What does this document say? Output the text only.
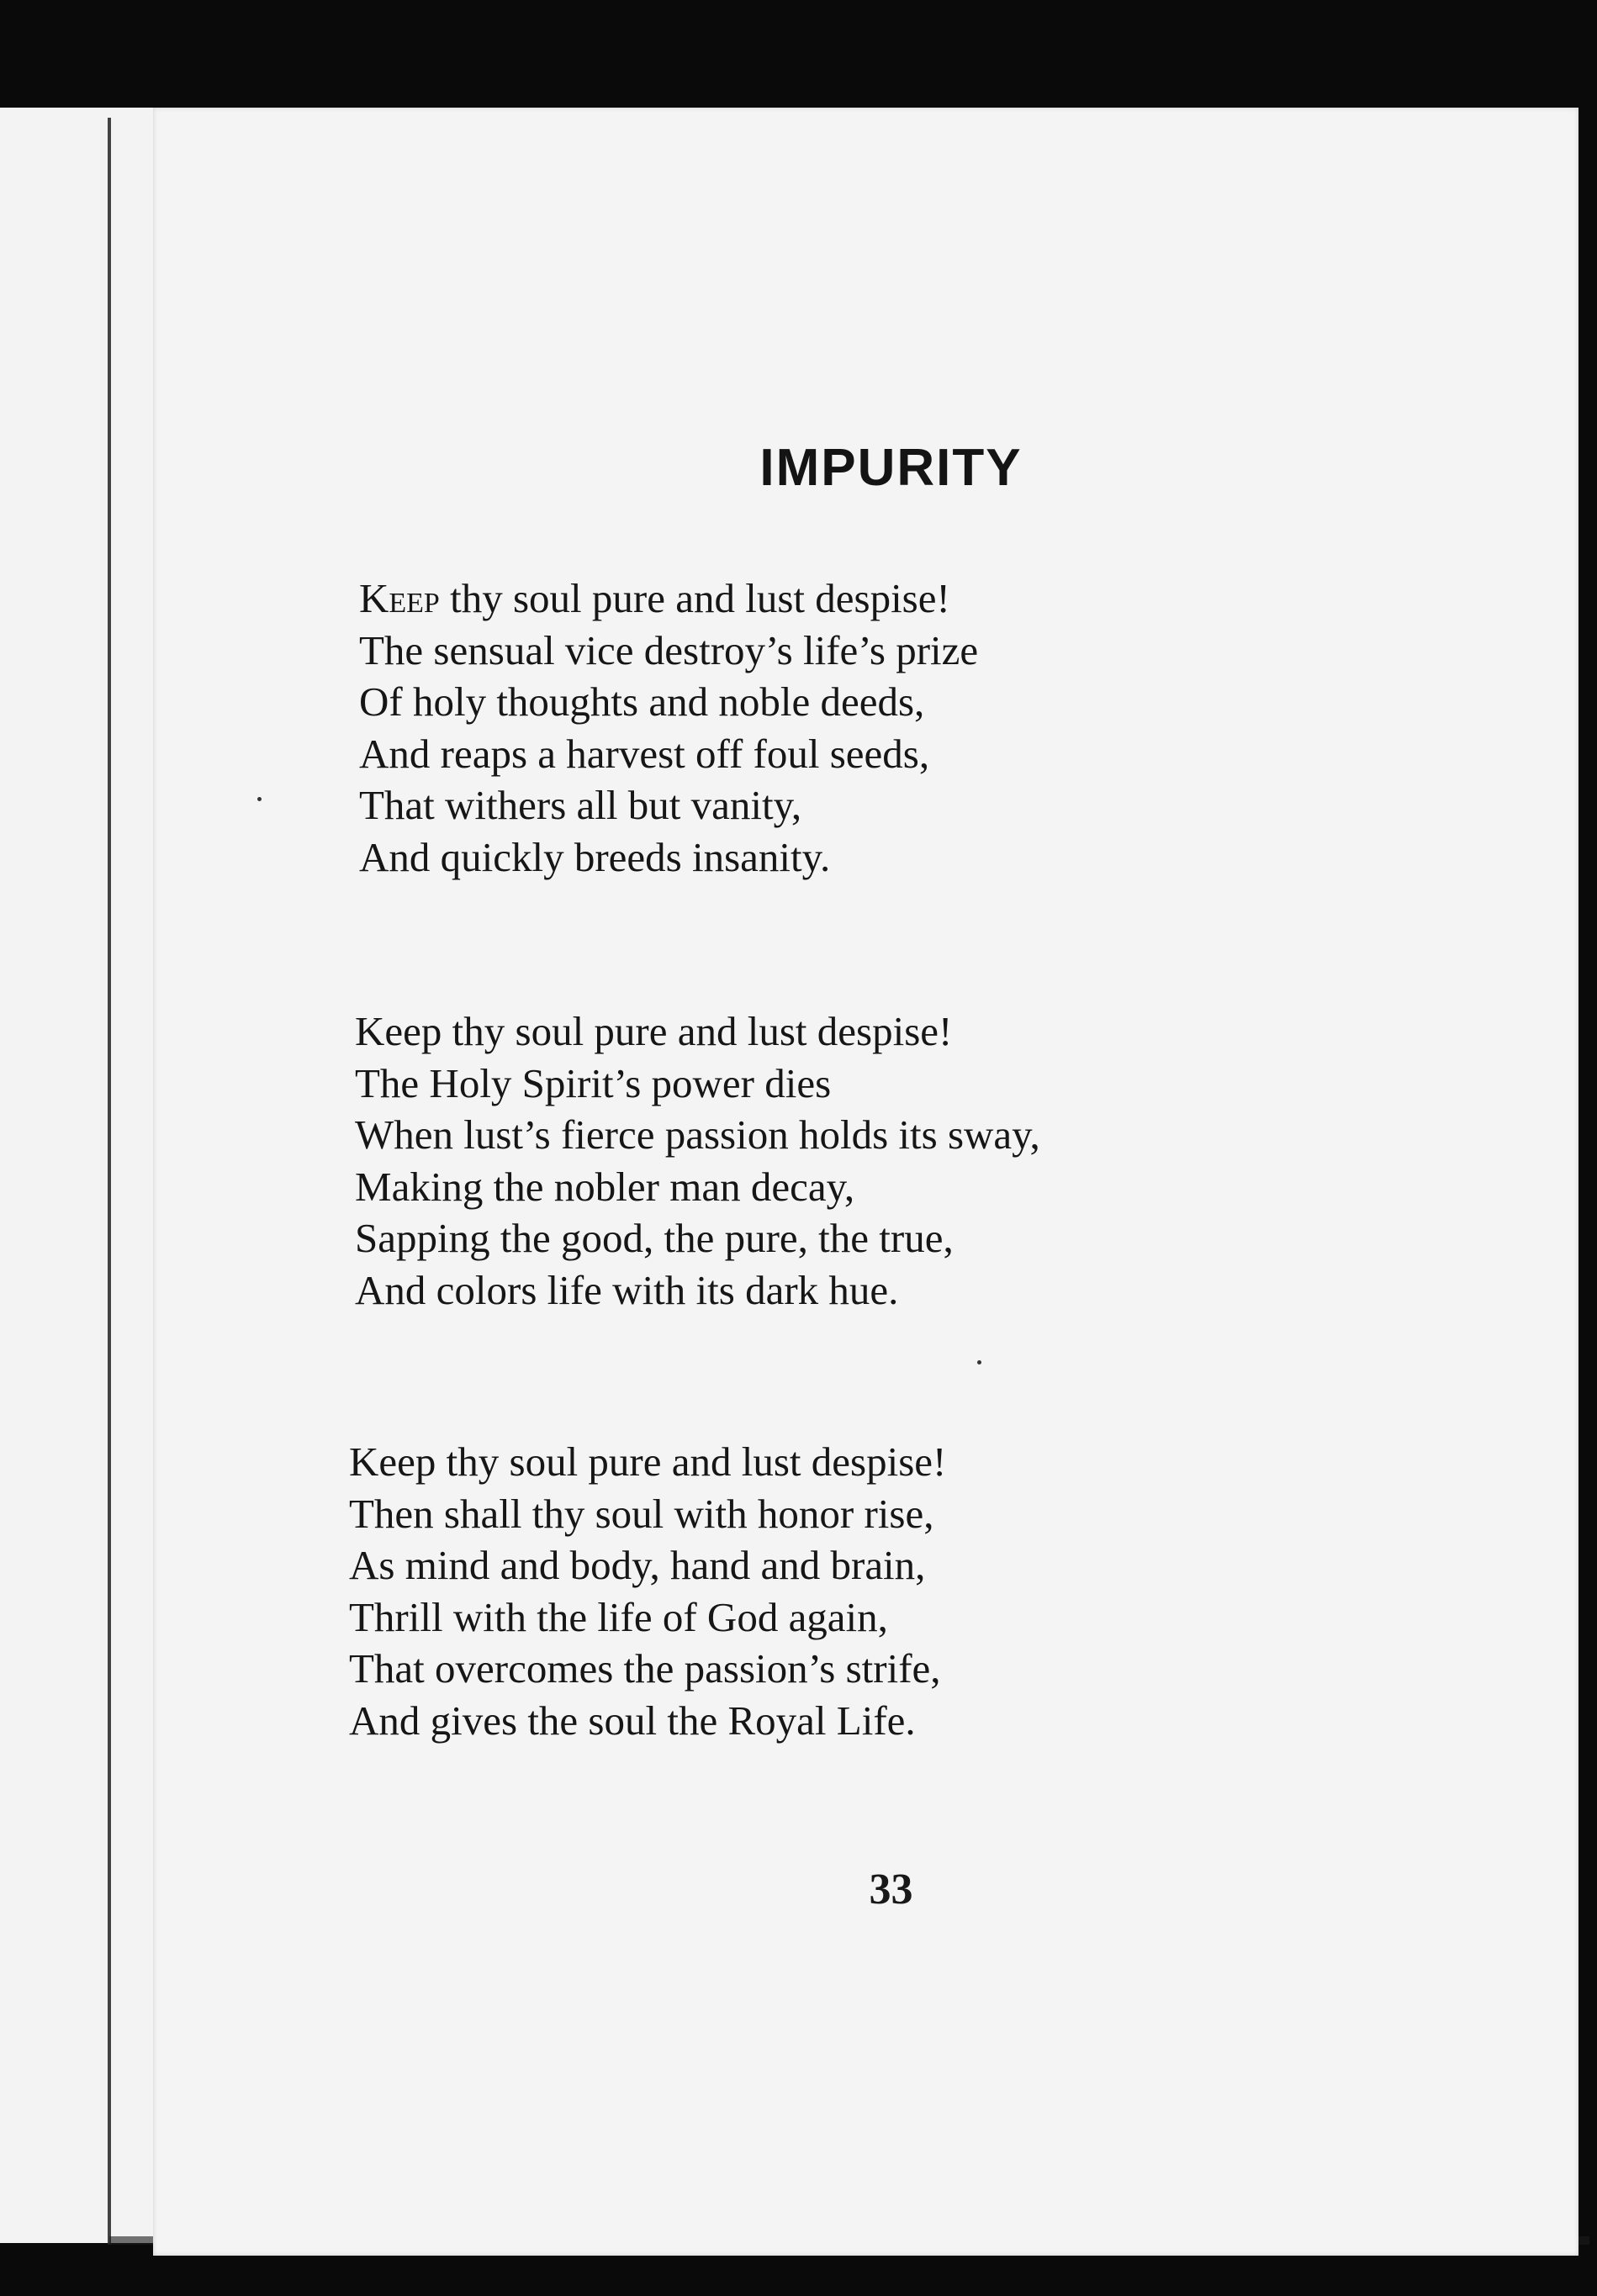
IMPURITY
Keep thy soul pure and lust despise!
The sensual vice destroy’s life’s prize
Of holy thoughts and noble deeds,
And reaps a harvest off foul seeds,
That withers all but vanity,
And quickly breeds insanity.
Keep thy soul pure and lust despise!
The Holy Spirit’s power dies
When lust’s fierce passion holds its sway,
Making the nobler man decay,
Sapping the good, the pure, the true,
And colors life with its dark hue.
Keep thy soul pure and lust despise!
Then shall thy soul with honor rise,
As mind and body, hand and brain,
Thrill with the life of God again,
That overcomes the passion’s strife,
And gives the soul the Royal Life.
33
